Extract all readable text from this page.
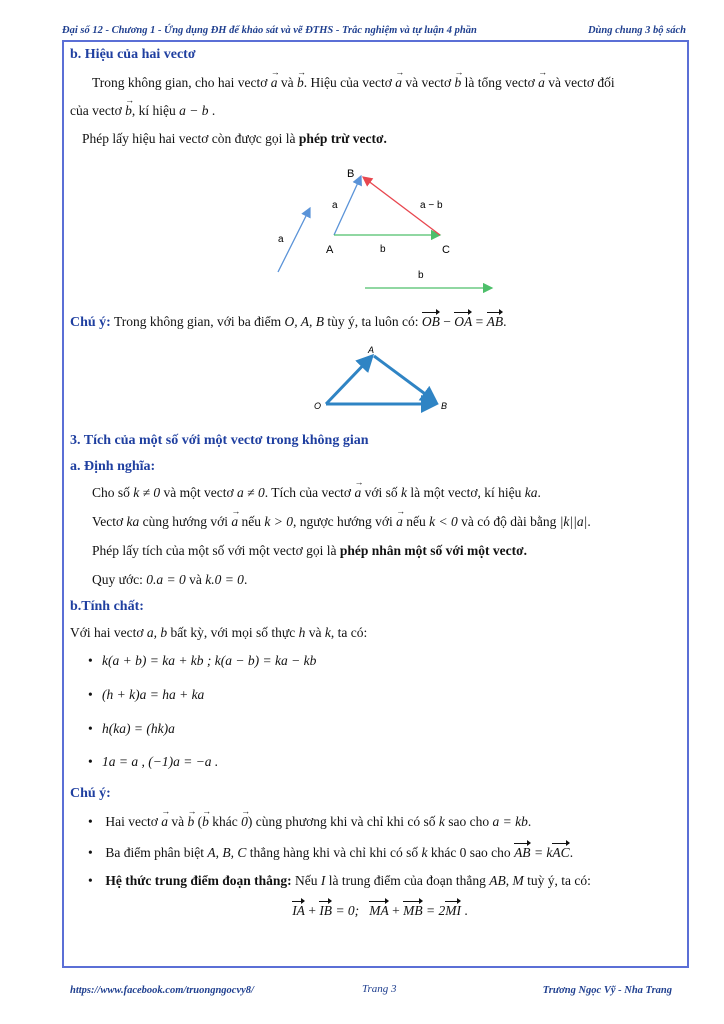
Đại số 12 - Chương 1 - Ứng dụng ĐH để khảo sát và vẽ ĐTHS - Trắc nghiệm và tự luận 4 phần	Dùng chung 3 bộ sách
b. Hiệu của hai vectơ
Trong không gian, cho hai vectơ → a và → b. Hiệu của vectơ → a và vectơ → b là tổng vectơ → a và vectơ đối
của vectơ → b, kí hiệu a − b .
Phép lấy hiệu hai vectơ còn được gọi là phép trừ vectơ.
B
A	C
a
a
b
a − b
b
Chú ý: Trong không gian, với ba điểm O, A, B tùy ý, ta luôn có: OB − OA = AB.
A
O	B
3. Tích của một số với một vectơ trong không gian
a. Định nghĩa:
Cho số k ≠ 0 và một vectơ a ≠ 0. Tích của vectơ → a với số k là một vectơ, kí hiệu ka.
Vectơ ka cùng hướng với → a nếu k > 0, ngược hướng với → a nếu k < 0 và có độ dài bằng |k||a|.
Phép lấy tích của một số với một vectơ gọi là phép nhân một số với một vectơ.
Quy ước: 0.a = 0 và k.0 = 0.
b.Tính chất:
Với hai vectơ a, b bất kỳ, với mọi số thực h và k, ta có:
• k(a + b) = ka + kb ; k(a − b) = ka − kb
• (h + k)a = ha + ka
• h(ka) = (hk)a
• 1a = a , (−1)a = −a .
Chú ý:
• Hai vectơ → a và → b (→ b khác → 0) cùng phương khi và chỉ khi có số k sao cho a = kb.
• Ba điểm phân biệt A, B, C thẳng hàng khi và chỉ khi có số k khác 0 sao cho AB = kAC.
• Hệ thức trung điểm đoạn thẳng: Nếu I là trung điểm của đoạn thẳng AB, M tuỳ ý, ta có:
IA + IB = 0; MA + MB = 2MI .
https://www.facebook.com/truongngocvy8/	Trang 3	Trương Ngọc Vỹ - Nha Trang
